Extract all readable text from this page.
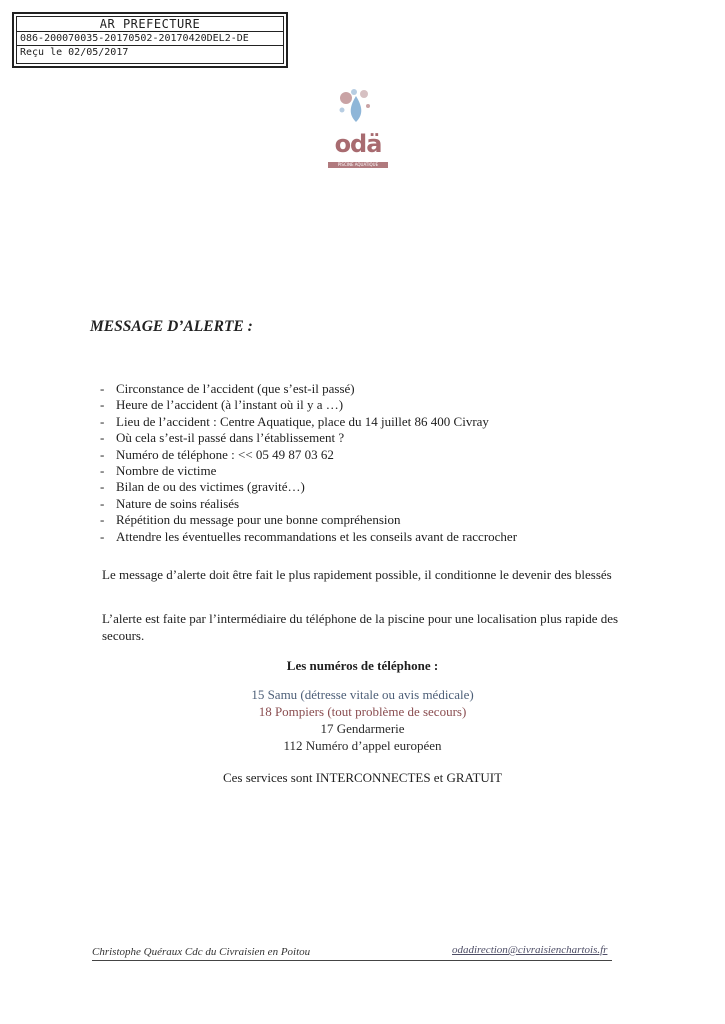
AR PREFECTURE
086-200070035-20170502-20170420DEL2-DE
Reçu le 02/05/2017
odä
PISCINE AQUATIQUE
MESSAGE D’ALERTE :
- Circonstance de l’accident (que s’est-il passé)
- Heure de l’accident (à l’instant où il y a …)
- Lieu de l’accident : Centre Aquatique, place du 14 juillet 86 400 Civray
- Où cela s’est-il passé dans l’établissement ?
- Numéro de téléphone : << 05 49 87 03 62
- Nombre de victime
- Bilan de ou des victimes (gravité…)
- Nature de soins réalisés
- Répétition du message pour une bonne compréhension
- Attendre les éventuelles recommandations et les conseils avant de raccrocher
Le message d’alerte doit être fait le plus rapidement possible, il conditionne le devenir des blessés
L’alerte est faite par l’intermédiaire du téléphone de la piscine pour une localisation plus rapide des secours.
Les numéros de téléphone :
15 Samu (détresse vitale ou avis médicale)
18 Pompiers (tout problème de secours)
17 Gendarmerie
112 Numéro d’appel européen
Ces services sont INTERCONNECTES et GRATUIT
Christophe Quéraux Cdc du Civraisien en Poitou	odadirection@civraisienchartois.fr
